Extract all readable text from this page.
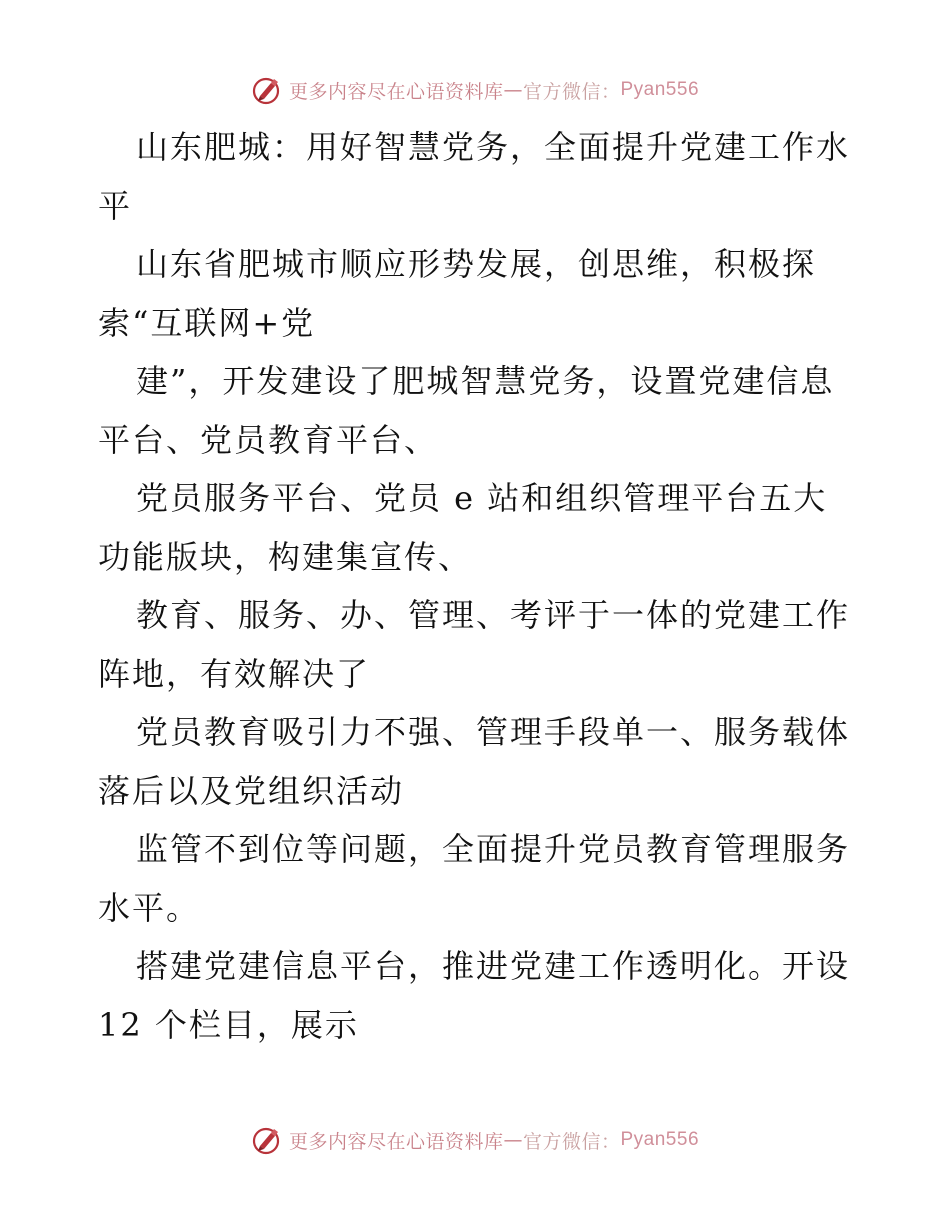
更多内容尽在心语资料库 — 官方微信： Pyan556

山东肥城：用好智慧党务，全面提升党建工作水平

山东省肥城市顺应形势发展，创思维，积极探索“互联网+党

建”，开发建设了肥城智慧党务，设置党建信息平台、党员教育平台、

党员服务平台、党员 e 站和组织管理平台五大功能版块，构建集宣传、

教育、服务、办、管理、考评于一体的党建工作阵地，有效解决了

党员教育吸引力不强、管理手段单一、服务载体落后以及党组织活动

监管不到位等问题，全面提升党员教育管理服务水平。

搭建党建信息平台，推进党建工作透明化。开设 12 个栏目，展示

更多内容尽在心语资料库 — 官方微信： Pyan556
